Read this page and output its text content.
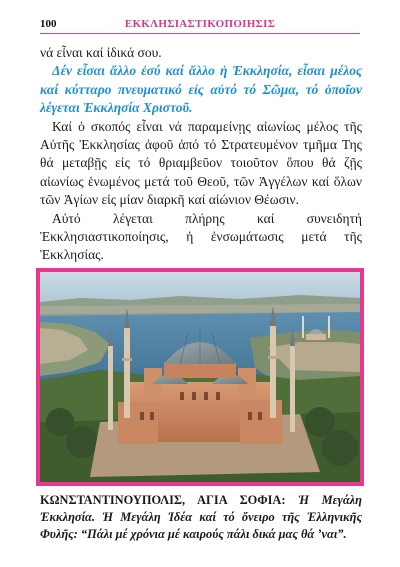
100	ΕΚΚΛΗΣΙΑΣΤΙΚΟΠΟΙΗΣΙΣ

νά εἶναι καί ἰδικά σου.

Δέν εἶσαι ἄλλο ἐσύ καί ἄλλο ἡ Ἐκκλησία, εἶσαι μέλος καί κύτταρο πνευματικό εἰς αὐτό τό Σῶμα, τό ὁποῖον λέγεται Ἐκκλησία Χριστοῦ.

Καί ὁ σκοπός εἶναι νά παραμείνῃς αἰωνίως μέλος τῆς Αὐτῆς Ἐκκλησίας ἀφοῦ ἀπό τό Στρατευμένον τμῆμα Της θά μεταβῇς εἰς τό θριαμβεῦον τοιοῦτον ὅπου θά ζῇς αἰωνίως ἑνωμένος μετά τοῦ Θεοῦ, τῶν Ἀγγέλων καί ὅλων τῶν Ἁγίων εἰς μίαν διαρκῆ καί αἰώνιον Θέωσιν.

Αὐτό λέγεται πλήρης καί συνειδητή Ἐκκλησιαστικοποίησις, ἡ ἐνσωμάτωσις μετά τῆς Ἐκκλησίας.

ΚΩΝΣΤΑΝΤΙΝΟΥΠΟΛΙΣ, ΑΓΙΑ ΣΟΦΙΑ: Ἡ Μεγάλη Ἐκκλησία. Ἡ Μεγάλη Ἰδέα καί τό ὄνειρο τῆς Ἑλληνικῆς Φυλῆς: “Πάλι μέ χρόνια μέ καιρούς πάλι δικά μας θά ’ναι”.
